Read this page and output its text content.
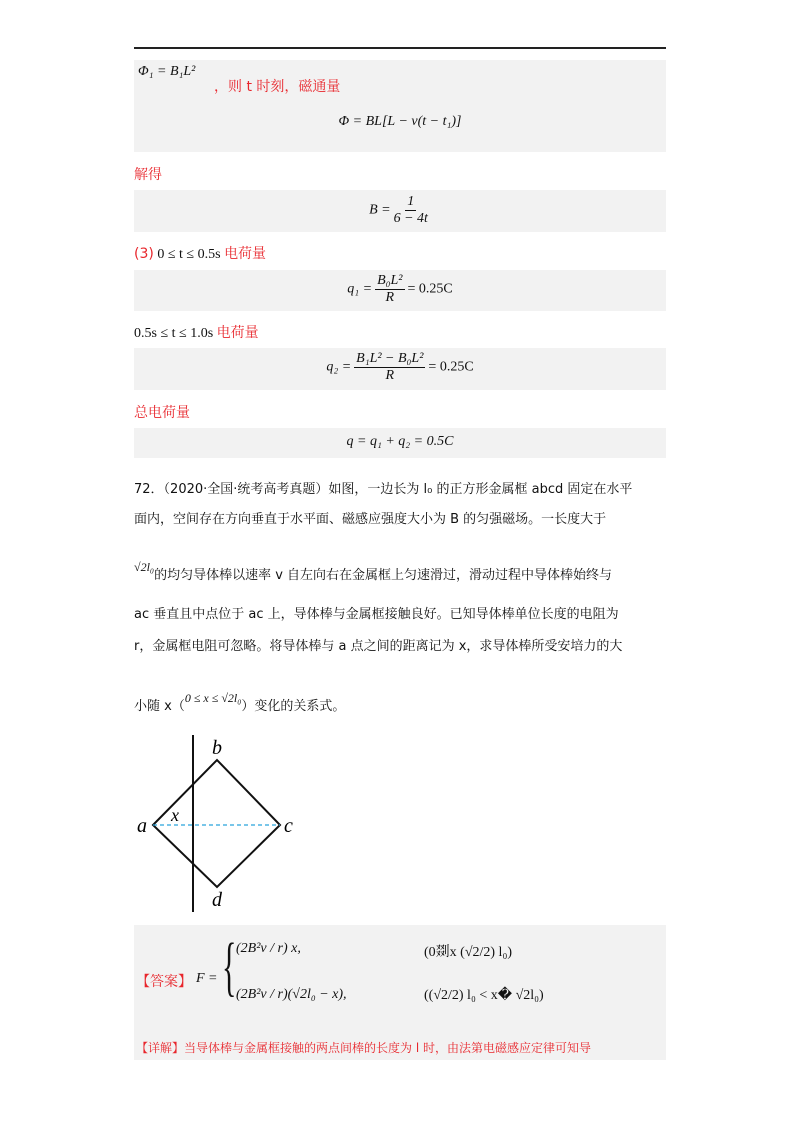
Φ₁ = B₁L²
，则 t 时刻，磁通量
Φ = BL[L − v(t − t₁)]
解得
$B = \frac{1}{6 - 4t}$
(3) 0 ≤ t ≤ 0.5s 电荷量
$q_1 = \frac{\text{B₀L²}}{R} = 0.25C$
0.5s ≤ t ≤ 1.0s 电荷量
$q_2 = \frac{\text{B₁L² − B₀L²}}{R} = 0.25C$
总电荷量
q = q₁ + q₂ = 0.5C
72．（2020·全国·统考高考真题）如图，一边长为 l₀ 的正方形金属框 abcd 固定在水平
面内，空间存在方向垂直于水平面、磁感应强度大小为 B 的匀强磁场。一长度大于
√2l₀的均匀导体棒以速率 v 自左向右在金属框上匀速滑过，滑动过程中导体棒始终与
ac 垂直且中点位于 ac 上，导体棒与金属框接触良好。已知导体棒单位长度的电阻为
r，金属框电阻可忽略。将导体棒与 a 点之间的距离记为 x，求导体棒所受安培力的大
小随 x（0 ≤ x ≤ √2l₀）变化的关系式。
a
b
c
d
x
【答案】 F = { (2B²v / r) x,	(0剟x (√2/2) l₀)
(2B²v / r)(√2l₀ − x),	((√2/2) l₀ < x� √2l₀)
【详解】当导体棒与金属框接触的两点间棒的长度为 l 时，由法第电磁感应定律可知导
